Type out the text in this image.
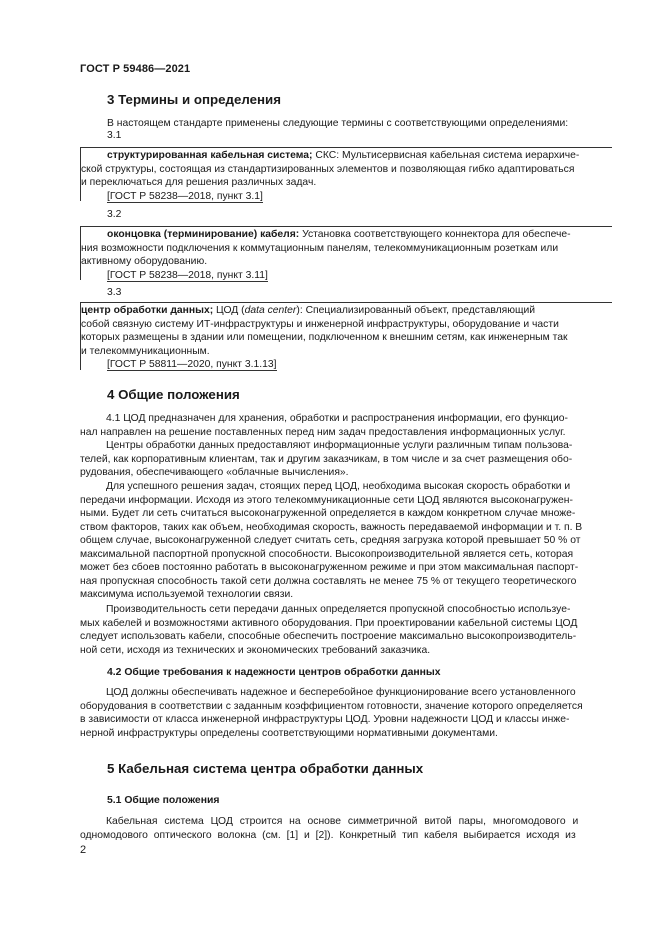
ГОСТ Р 59486—2021
3 Термины и определения
В настоящем стандарте применены следующие термины с соответствующими определениями:
3.1
структурированная кабельная система; СКС: Мультисервисная кабельная система иерархиче-
ской структуры, состоящая из стандартизированных элементов и позволяющая гибко адаптироваться
и переключаться для решения различных задач.
[ГОСТ Р 58238—2018, пункт 3.1]
3.2
оконцовка (терминирование) кабеля: Установка соответствующего коннектора для обеспече-
ния возможности подключения к коммутационным панелям, телекоммуникационным розеткам или
активному оборудованию.
[ГОСТ Р 58238—2018, пункт 3.11]
3.3
центр обработки данных; ЦОД (data center): Специализированный объект, представляющий
собой связную систему ИТ-инфраструктуры и инженерной инфраструктуры, оборудование и части
которых размещены в здании или помещении, подключенном к внешним сетям, как инженерным так
и телекоммуникационным.
[ГОСТ Р 58811—2020, пункт 3.1.13]
4 Общие положения
4.1 ЦОД предназначен для хранения, обработки и распространения информации, его функцио-
нал направлен на решение поставленных перед ним задач предоставления информационных услуг.
Центры обработки данных предоставляют информационные услуги различным типам пользова-
телей, как корпоративным клиентам, так и другим заказчикам, в том числе и за счет размещения обо-
рудования, обеспечивающего «облачные вычисления».
Для успешного решения задач, стоящих перед ЦОД, необходима высокая скорость обработки и
передачи информации. Исходя из этого телекоммуникационные сети ЦОД являются высоконагружен-
ными. Будет ли сеть считаться высоконагруженной определяется в каждом конкретном случае множе-
ством факторов, таких как объем, необходимая скорость, важность передаваемой информации и т. п. В
общем случае, высоконагруженной следует считать сеть, средняя загрузка которой превышает 50 % от
максимальной паспортной пропускной способности. Высокопроизводительной является сеть, которая
может без сбоев постоянно работать в высоконагруженном режиме и при этом максимальная паспорт-
ная пропускная способность такой сети должна составлять не менее 75 % от текущего теоретического
максимума используемой технологии связи.
Производительность сети передачи данных определяется пропускной способностью используе-
мых кабелей и возможностями активного оборудования. При проектировании кабельной системы ЦОД
следует использовать кабели, способные обеспечить построение максимально высокопроизводитель-
ной сети, исходя из технических и экономических требований заказчика.
4.2 Общие требования к надежности центров обработки данных
ЦОД должны обеспечивать надежное и бесперебойное функционирование всего установленного
оборудования в соответствии с заданным коэффициентом готовности, значение которого определяется
в зависимости от класса инженерной инфраструктуры ЦОД. Уровни надежности ЦОД и классы инже-
нерной инфраструктуры определены соответствующими нормативными документами.
5 Кабельная система центра обработки данных
5.1 Общие положения
Кабельная система ЦОД строится на основе симметричной витой пары, многомодового и
одномодового оптического волокна (см. [1] и [2]). Конкретный тип кабеля выбирается исходя из
2
